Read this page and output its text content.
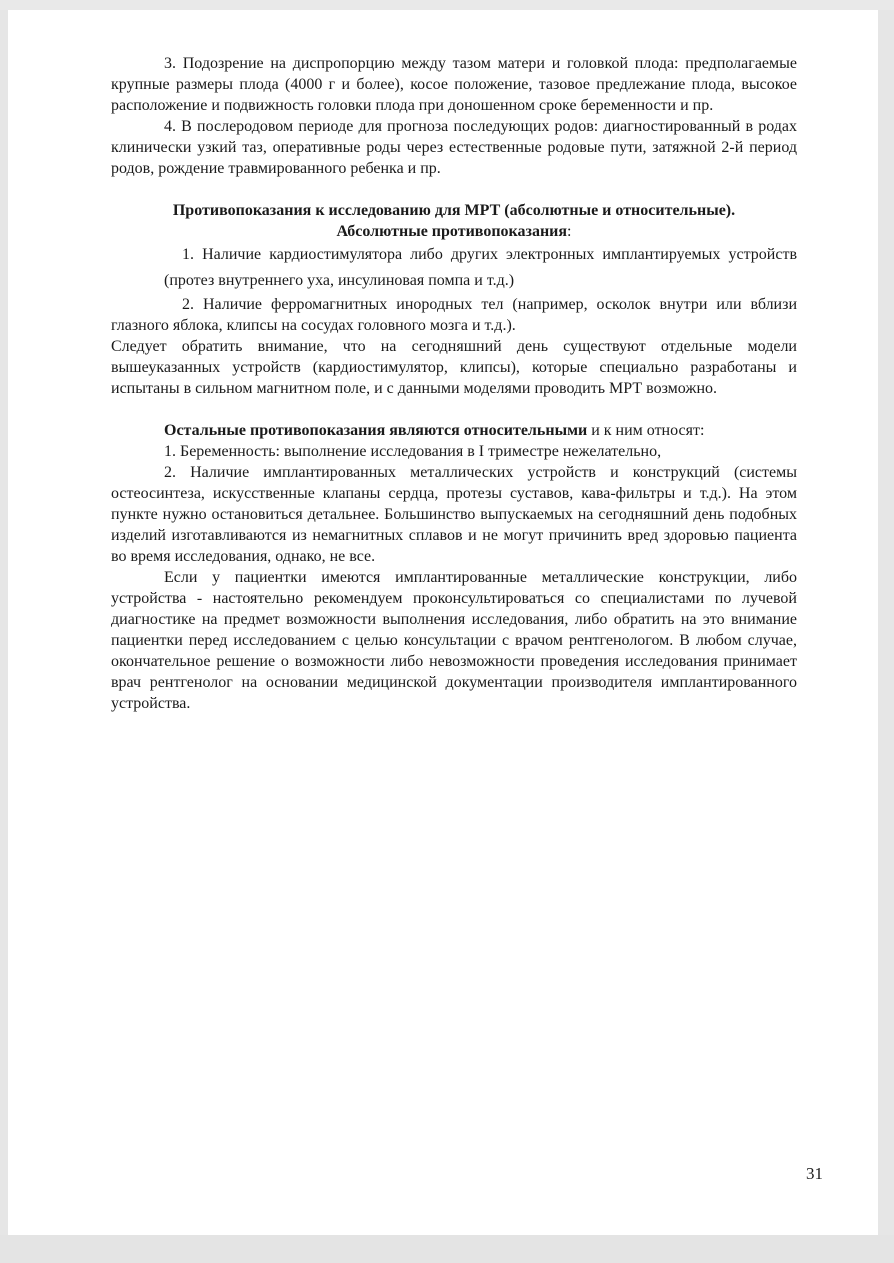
3. Подозрение на диспропорцию между тазом матери и головкой плода: предполагаемые крупные размеры плода (4000 г и более), косое положение, тазовое предлежание плода, высокое расположение и подвижность головки плода при доношенном сроке беременности и пр.

4. В послеродовом периоде для прогноза последующих родов: диагностированный в родах клинически узкий таз, оперативные роды через естественные родовые пути, затяжной 2-й период родов, рождение травмированного ребенка и пр.

Противопоказания к исследованию для МРТ (абсолютные и относительные).

Абсолютные противопоказания:

1. Наличие кардиостимулятора либо других электронных имплантируемых устройств (протез внутреннего уха, инсулиновая помпа и т.д.)

2. Наличие ферромагнитных инородных тел (например, осколок внутри или вблизи глазного яблока, клипсы на сосудах головного мозга и т.д.).

Следует обратить внимание, что на сегодняшний день существуют отдельные модели вышеуказанных устройств (кардиостимулятор, клипсы), которые специально разработаны и испытаны в сильном магнитном поле, и с данными моделями проводить МРТ возможно.

Остальные противопоказания являются относительными и к ним относят:

1. Беременность: выполнение исследования в I триместре нежелательно,

2. Наличие имплантированных металлических устройств и конструкций (системы остеосинтеза, искусственные клапаны сердца, протезы суставов, кава-фильтры и т.д.). На этом пункте нужно остановиться детальнее. Большинство выпускаемых на сегодняшний день подобных изделий изготавливаются из немагнитных сплавов и не могут причинить вред здоровью пациента во время исследования, однако, не все.

Если у пациентки имеются имплантированные металлические конструкции, либо устройства - настоятельно рекомендуем проконсультироваться со специалистами по лучевой диагностике на предмет возможности выполнения исследования, либо обратить на это внимание пациентки перед исследованием с целью консультации с врачом рентгенологом. В любом случае, окончательное решение о возможности либо невозможности проведения исследования принимает врач рентгенолог на основании медицинской документации производителя имплантированного устройства.

31
